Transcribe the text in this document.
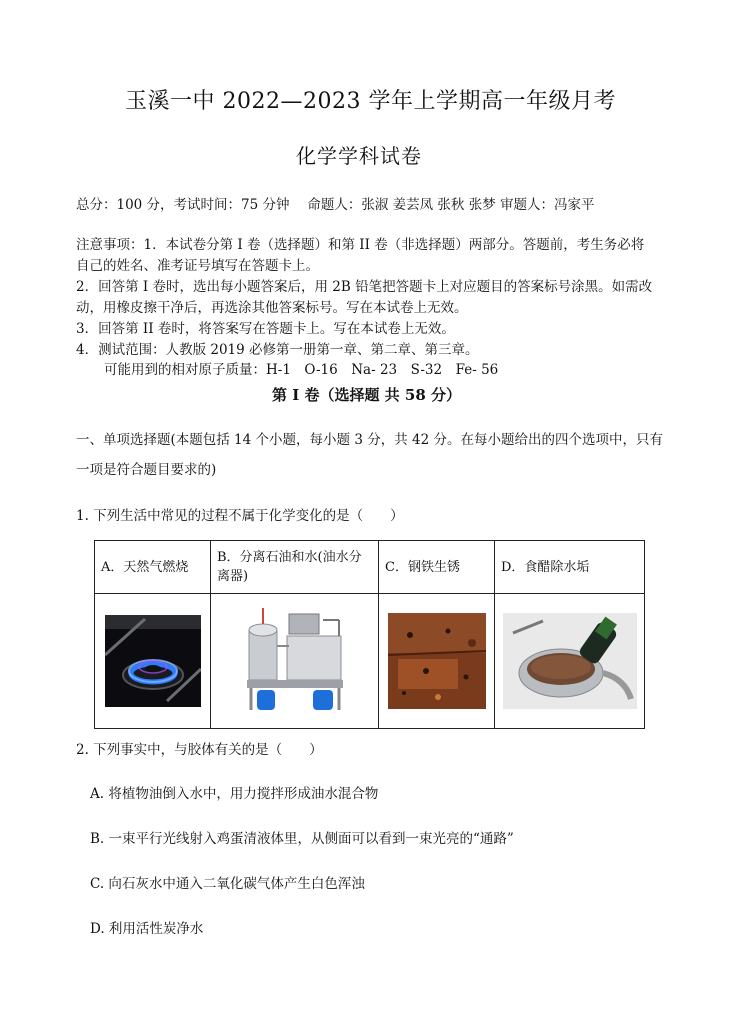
玉溪一中 2022—2023 学年上学期高一年级月考
化学学科试卷
总分：100 分，考试时间：75 分钟　 命题人：张淑 姜芸凤 张秋 张梦 审题人：冯家平
注意事项：1．本试卷分第 I 卷（选择题）和第 II 卷（非选择题）两部分。答题前，考生务必将
自己的姓名、准考证号填写在答题卡上。
2．回答第 I 卷时，选出每小题答案后，用 2B 铅笔把答题卡上对应题目的答案标号涂黑。如需改
动，用橡皮擦干净后，再选涂其他答案标号。写在本试卷上无效。
3．回答第 II 卷时，将答案写在答题卡上。写在本试卷上无效。
4．测试范围：人教版 2019 必修第一册第一章、第二章、第三章。
可能用到的相对原子质量：H-1　O-16　Na- 23　S-32　Fe- 56
第 I 卷（选择题 共 58 分）
一、单项选择题(本题包括 14 个小题，每小题 3 分，共 42 分。在每小题给出的四个选项中，只有
一项是符合题目要求的)
1. 下列生活中常见的过程不属于化学变化的是（　　）
A．天然气燃烧	B．分离石油和水(油水分离器)	C．钢铁生锈	D．食醋除水垢

2. 下列事实中，与胶体有关的是（　　）
A. 将植物油倒入水中，用力搅拌形成油水混合物
B. 一束平行光线射入鸡蛋清液体里，从侧面可以看到一束光亮的“通路”
C. 向石灰水中通入二氧化碳气体产生白色浑浊
D. 利用活性炭净水
